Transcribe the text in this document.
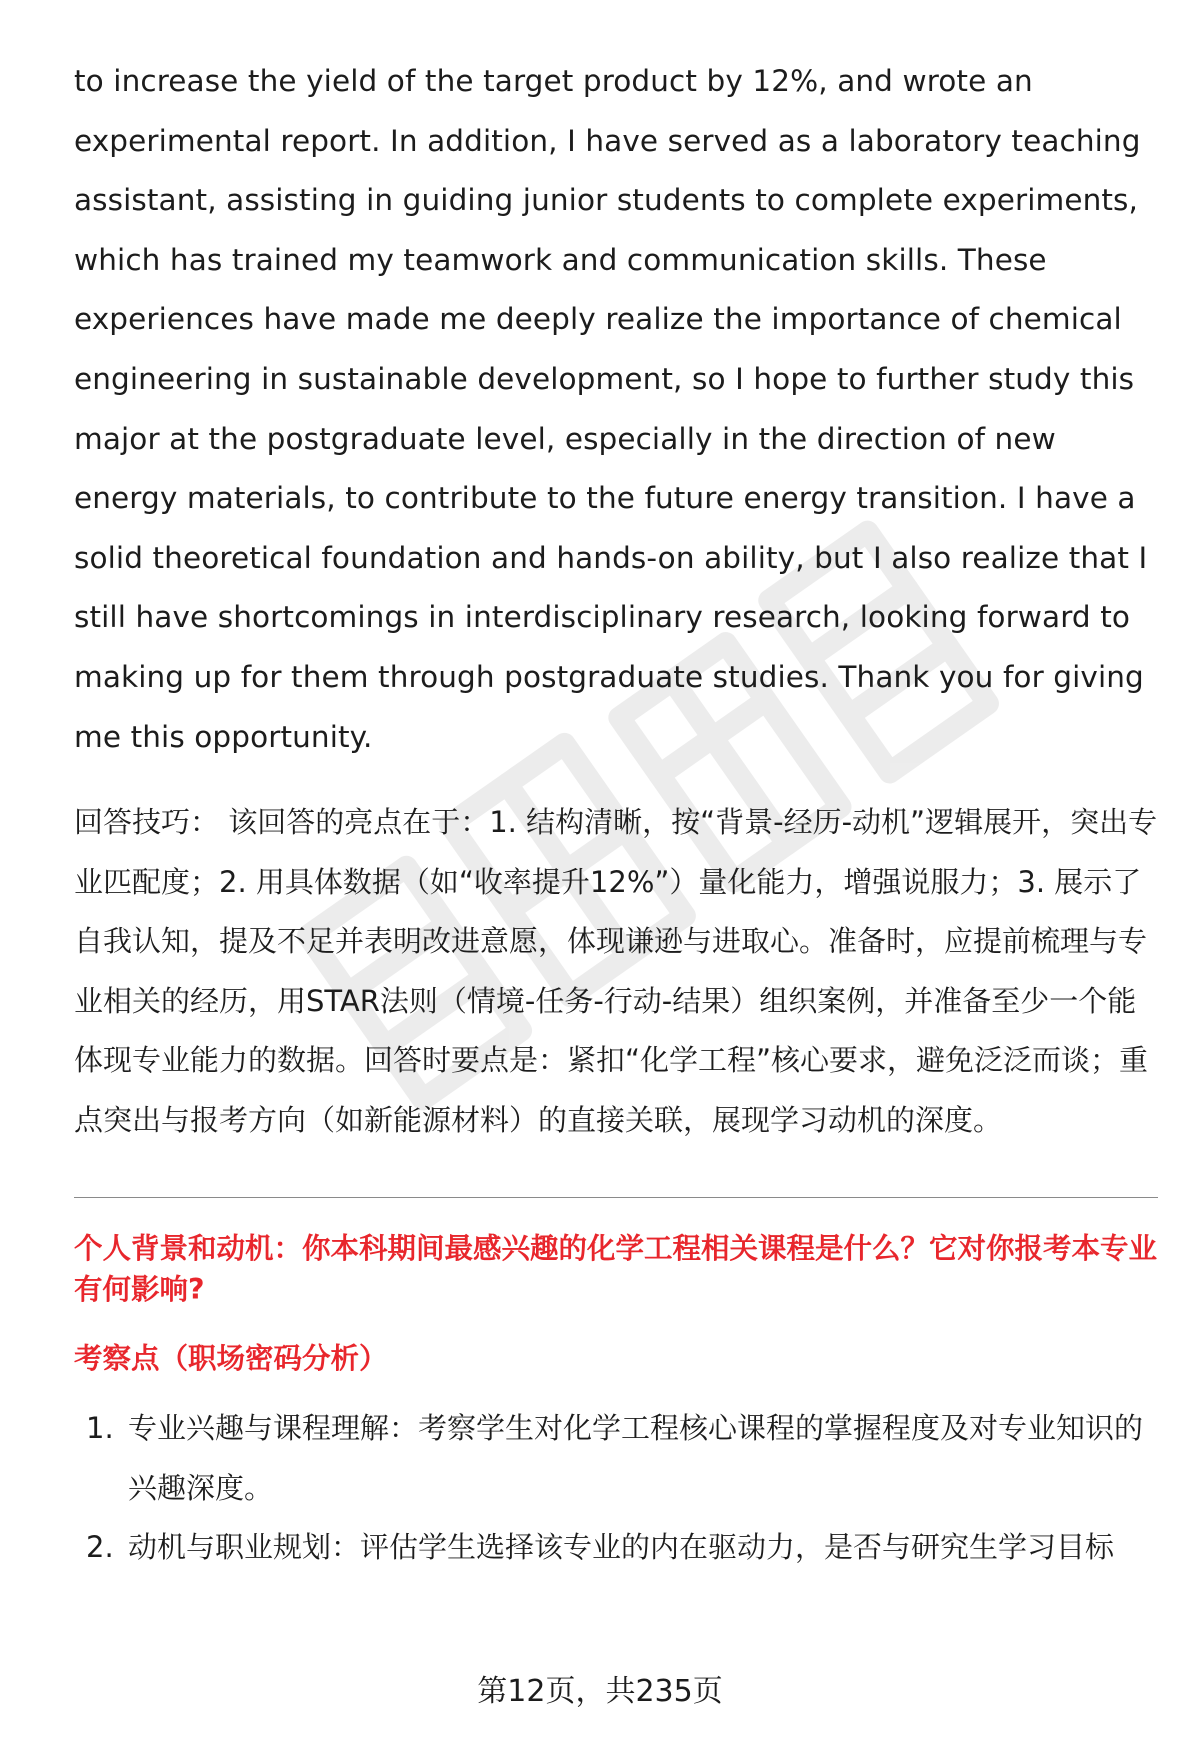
to increase the yield of the target product by 12%, and wrote an experimental report. In addition, I have served as a laboratory teaching assistant, assisting in guiding junior students to complete experiments, which has trained my teamwork and communication skills. These experiences have made me deeply realize the importance of chemical engineering in sustainable development, so I hope to further study this major at the postgraduate level, especially in the direction of new energy materials, to contribute to the future energy transition. I have a solid theoretical foundation and hands-on ability, but I also realize that I still have shortcomings in interdisciplinary research, looking forward to making up for them through postgraduate studies. Thank you for giving me this opportunity.

回答技巧： 该回答的亮点在于：1. 结构清晰，按“背景-经历-动机”逻辑展开，突出专业匹配度；2. 用具体数据（如“收率提升12%”）量化能力，增强说服力；3. 展示了自我认知，提及不足并表明改进意愿，体现谦逊与进取心。准备时，应提前梳理与专业相关的经历，用STAR法则（情境-任务-行动-结果）组织案例，并准备至少一个能体现专业能力的数据。回答时要点是：紧扣“化学工程”核心要求，避免泛泛而谈；重点突出与报考方向（如新能源材料）的直接关联，展现学习动机的深度。

个人背景和动机：你本科期间最感兴趣的化学工程相关课程是什么？它对你报考本专业有何影响?
考察点（职场密码分析）
1. 专业兴趣与课程理解：考察学生对化学工程核心课程的掌握程度及对专业知识的兴趣深度。
2. 动机与职业规划：评估学生选择该专业的内在驱动力，是否与研究生学习目标
第12页，共235页
